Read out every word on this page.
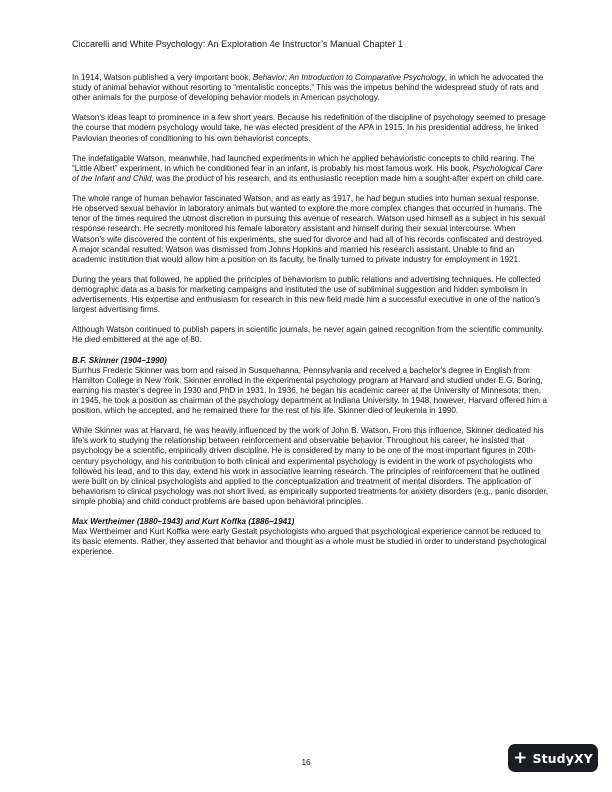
Ciccarelli and White Psychology: An Exploration 4e Instructor’s Manual Chapter 1

In 1914, Watson published a very important book, Behavior: An Introduction to Comparative Psychology, in which he advocated the study of animal behavior without resorting to “mentalistic concepts.” This was the impetus behind the widespread study of rats and other animals for the purpose of developing behavior models in American psychology.

Watson’s ideas leapt to prominence in a few short years. Because his redefinition of the discipline of psychology seemed to presage the course that modern psychology would take, he was elected president of the APA in 1915. In his presidential address, he linked Pavlovian theories of conditioning to his own behaviorist concepts.

The indefatigable Watson, meanwhile, had launched experiments in which he applied behavioristic concepts to child rearing. The “Little Albert” experiment, in which he conditioned fear in an infant, is probably his most famous work. His book, Psychological Care of the Infant and Child, was the product of his research, and its enthusiastic reception made him a sought-after expert on child care.

The whole range of human behavior fascinated Watson, and as early as 1917, he had begun studies into human sexual response. He observed sexual behavior in laboratory animals but wanted to explore the more complex changes that occurred in humans. The tenor of the times required the utmost discretion in pursuing this avenue of research. Watson used himself as a subject in his sexual response research. He secretly monitored his female laboratory assistant and himself during their sexual intercourse. When Watson’s wife discovered the content of his experiments, she sued for divorce and had all of his records confiscated and destroyed. A major scandal resulted; Watson was dismissed from Johns Hopkins and married his research assistant. Unable to find an academic institution that would allow him a position on its faculty, he finally turned to private industry for employment in 1921.

During the years that followed, he applied the principles of behaviorism to public relations and advertising techniques. He collected demographic data as a basis for marketing campaigns and instituted the use of subliminal suggestion and hidden symbolism in advertisements. His expertise and enthusiasm for research in this new field made him a successful executive in one of the nation’s largest advertising firms.

Although Watson continued to publish papers in scientific journals, he never again gained recognition from the scientific community. He died embittered at the age of 80.

B.F. Skinner (1904–1990)

Burrhus Frederic Skinner was born and raised in Susquehanna, Pennsylvania and received a bachelor's degree in English from Hamilton College in New York. Skinner enrolled in the experimental psychology program at Harvard and studied under E.G. Boring, earning his master’s degree in 1930 and PhD in 1931. In 1936, he began his academic career at the University of Minnesota; then, in 1945, he took a position as chairman of the psychology department at Indiana University. In 1948, however, Harvard offered him a position, which he accepted, and he remained there for the rest of his life. Skinner died of leukemia in 1990.

While Skinner was at Harvard, he was heavily influenced by the work of John B. Watson. From this influence, Skinner dedicated his life's work to studying the relationship between reinforcement and observable behavior. Throughout his career, he insisted that psychology be a scientific, empirically driven discipline. He is considered by many to be one of the most important figures in 20th-century psychology, and his contribution to both clinical and experimental psychology is evident in the work of psychologists who followed his lead, and to this day, extend his work in associative learning research. The principles of reinforcement that he outlined were built on by clinical psychologists and applied to the conceptualization and treatment of mental disorders. The application of behaviorism to clinical psychology was not short lived, as empirically supported treatments for anxiety disorders (e.g., panic disorder, simple phobia) and child conduct problems are based upon behavioral principles.

Max Wertheimer (1880–1943) and Kurt Koffka (1886–1941)

Max Wertheimer and Kurt Koffka were early Gestalt psychologists who argued that psychological experience cannot be reduced to its basic elements. Rather, they asserted that behavior and thought as a whole must be studied in order to understand psychological experience.

16	+ StudyXY
